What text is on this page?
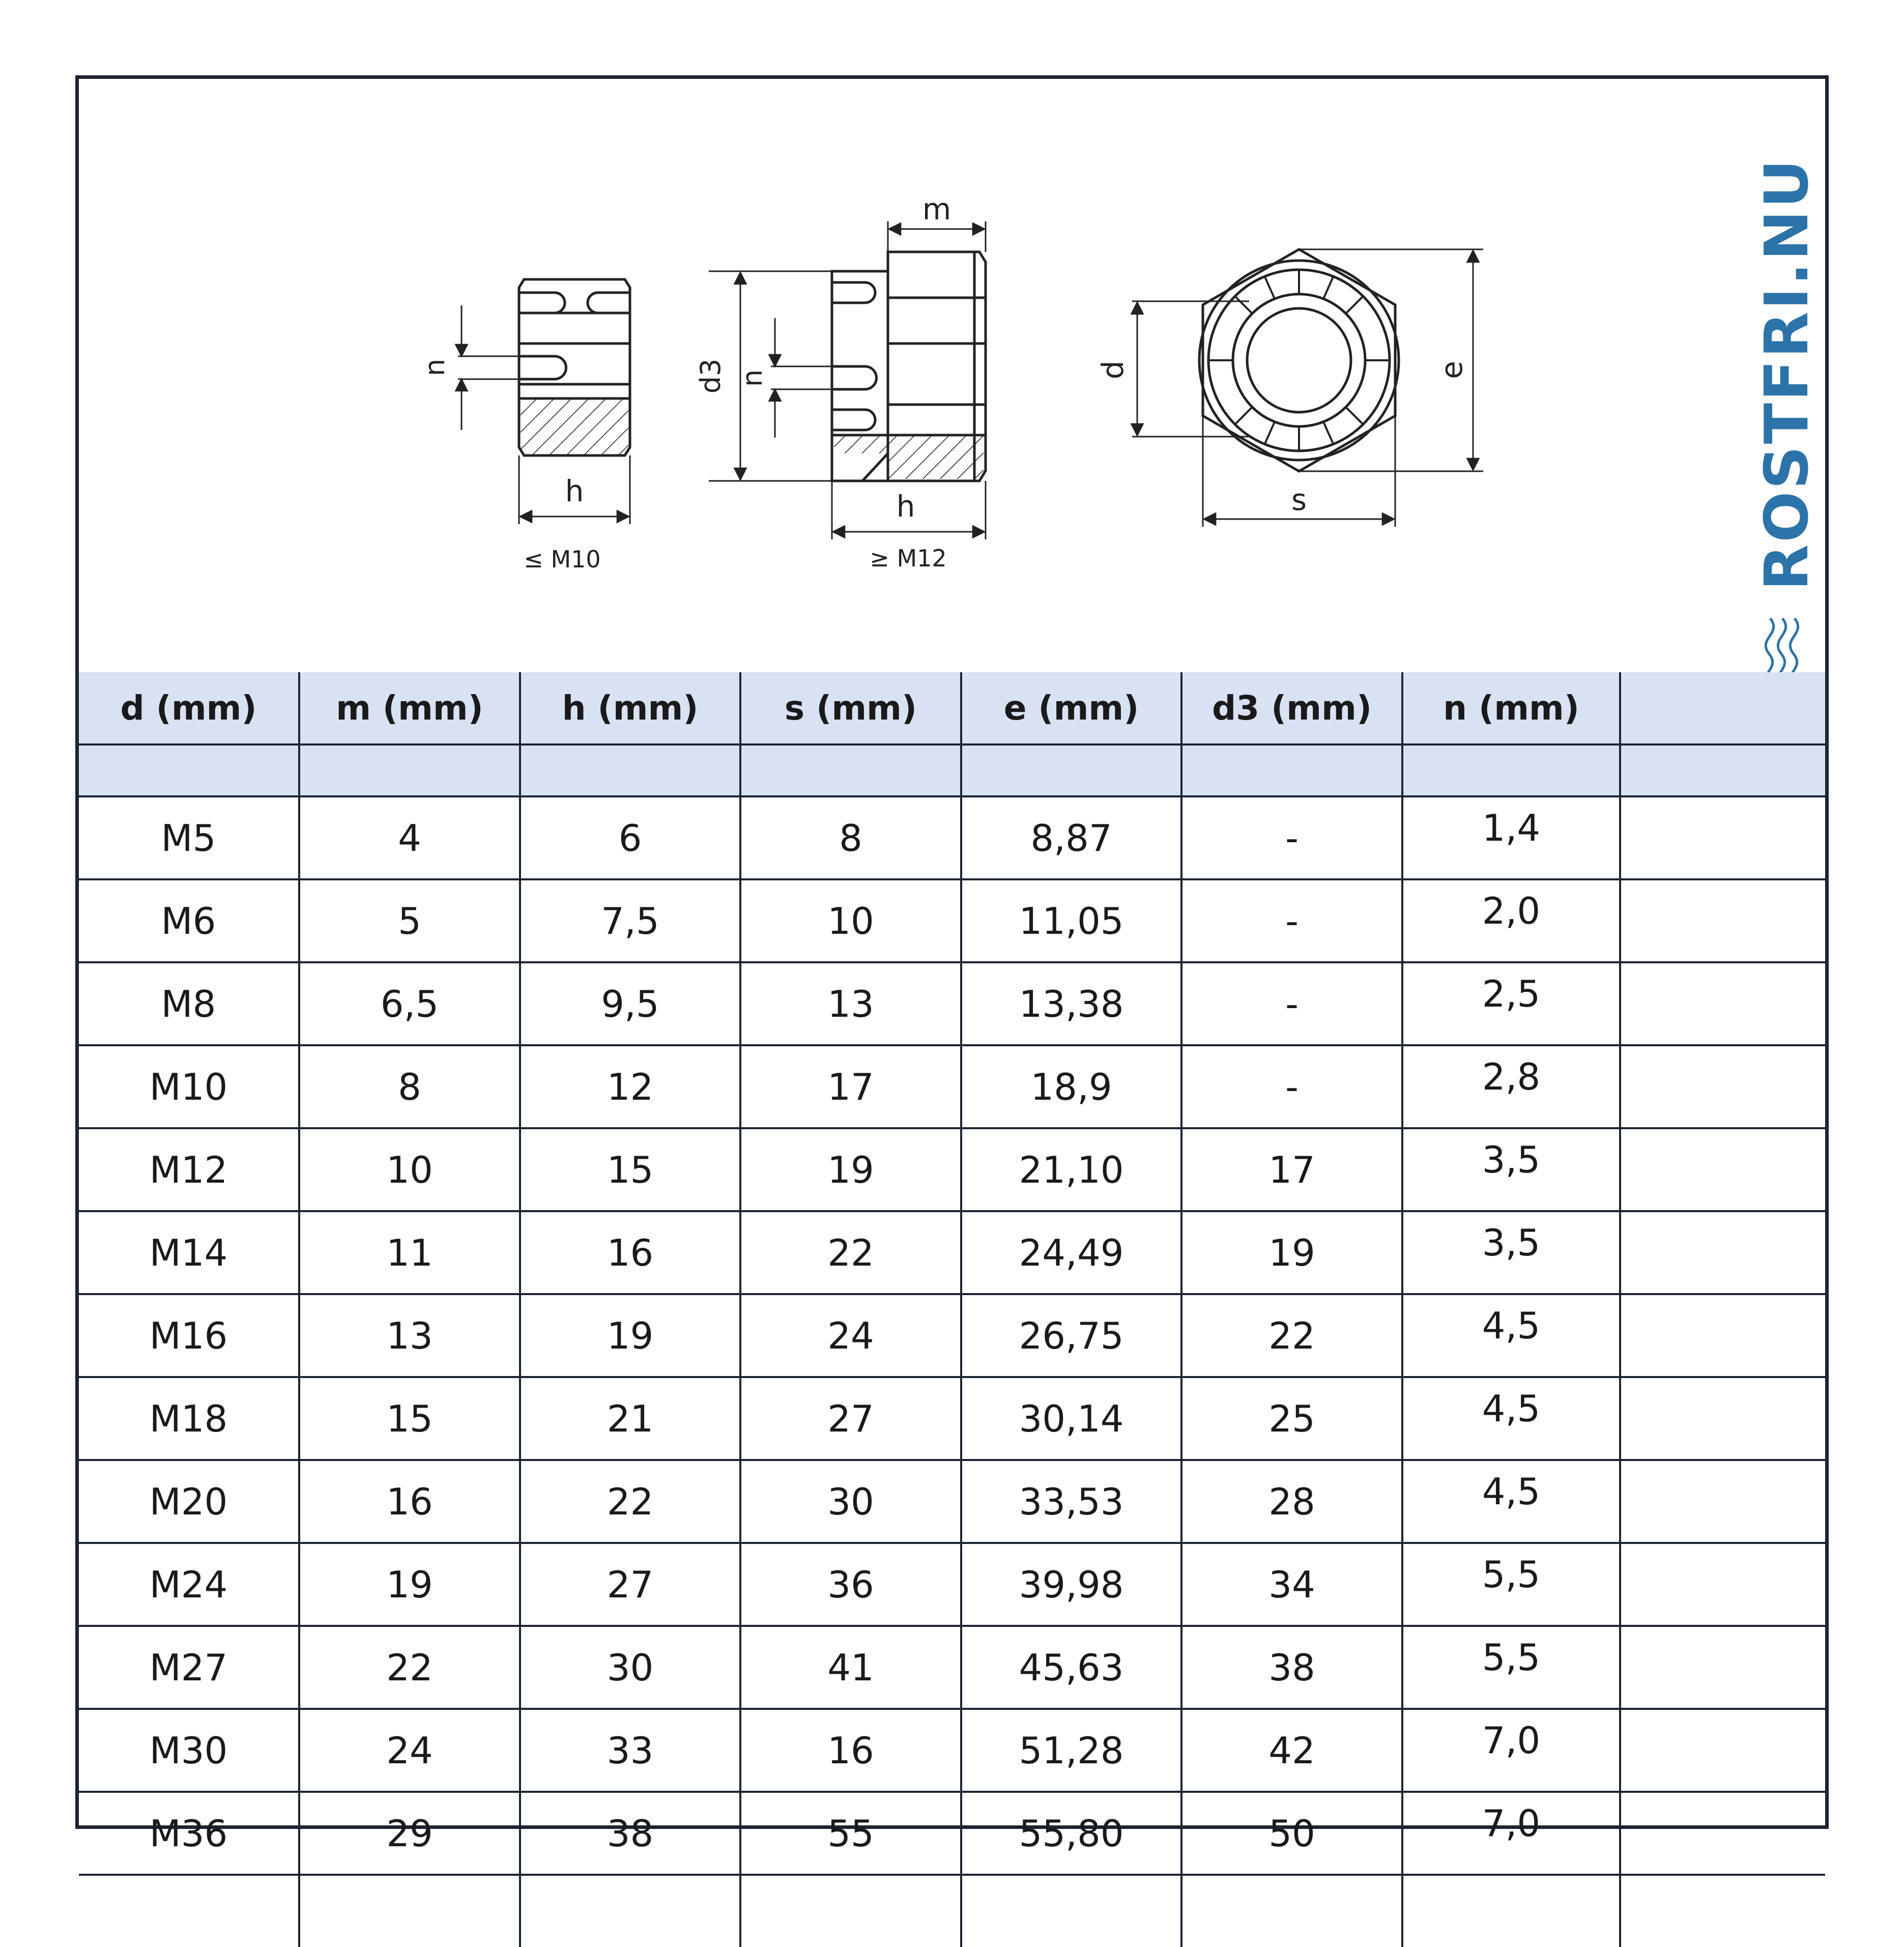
n
h
≤ M10
d3 n
m
h
≥ M12
d	e
s	ROSTFRI.NU
d (mm)	m (mm)	h (mm)	s (mm)	e (mm)	d3 (mm)	n (mm)	

M5	4	6	8	8,87	-	1,4	
M6	5	7,5	10	11,05	-	2,0	
M8	6,5	9,5	13	13,38	-	2,5	
M10	8	12	17	18,9	-	2,8	
M12	10	15	19	21,10	17	3,5	
M14	11	16	22	24,49	19	3,5	
M16	13	19	24	26,75	22	4,5	
M18	15	21	27	30,14	25	4,5	
M20	16	22	30	33,53	28	4,5	
M24	19	27	36	39,98	34	5,5	
M27	22	30	41	45,63	38	5,5	
M30	24	33	16	51,28	42	7,0	
M36	29	38	55	55,80	50	7,0	
